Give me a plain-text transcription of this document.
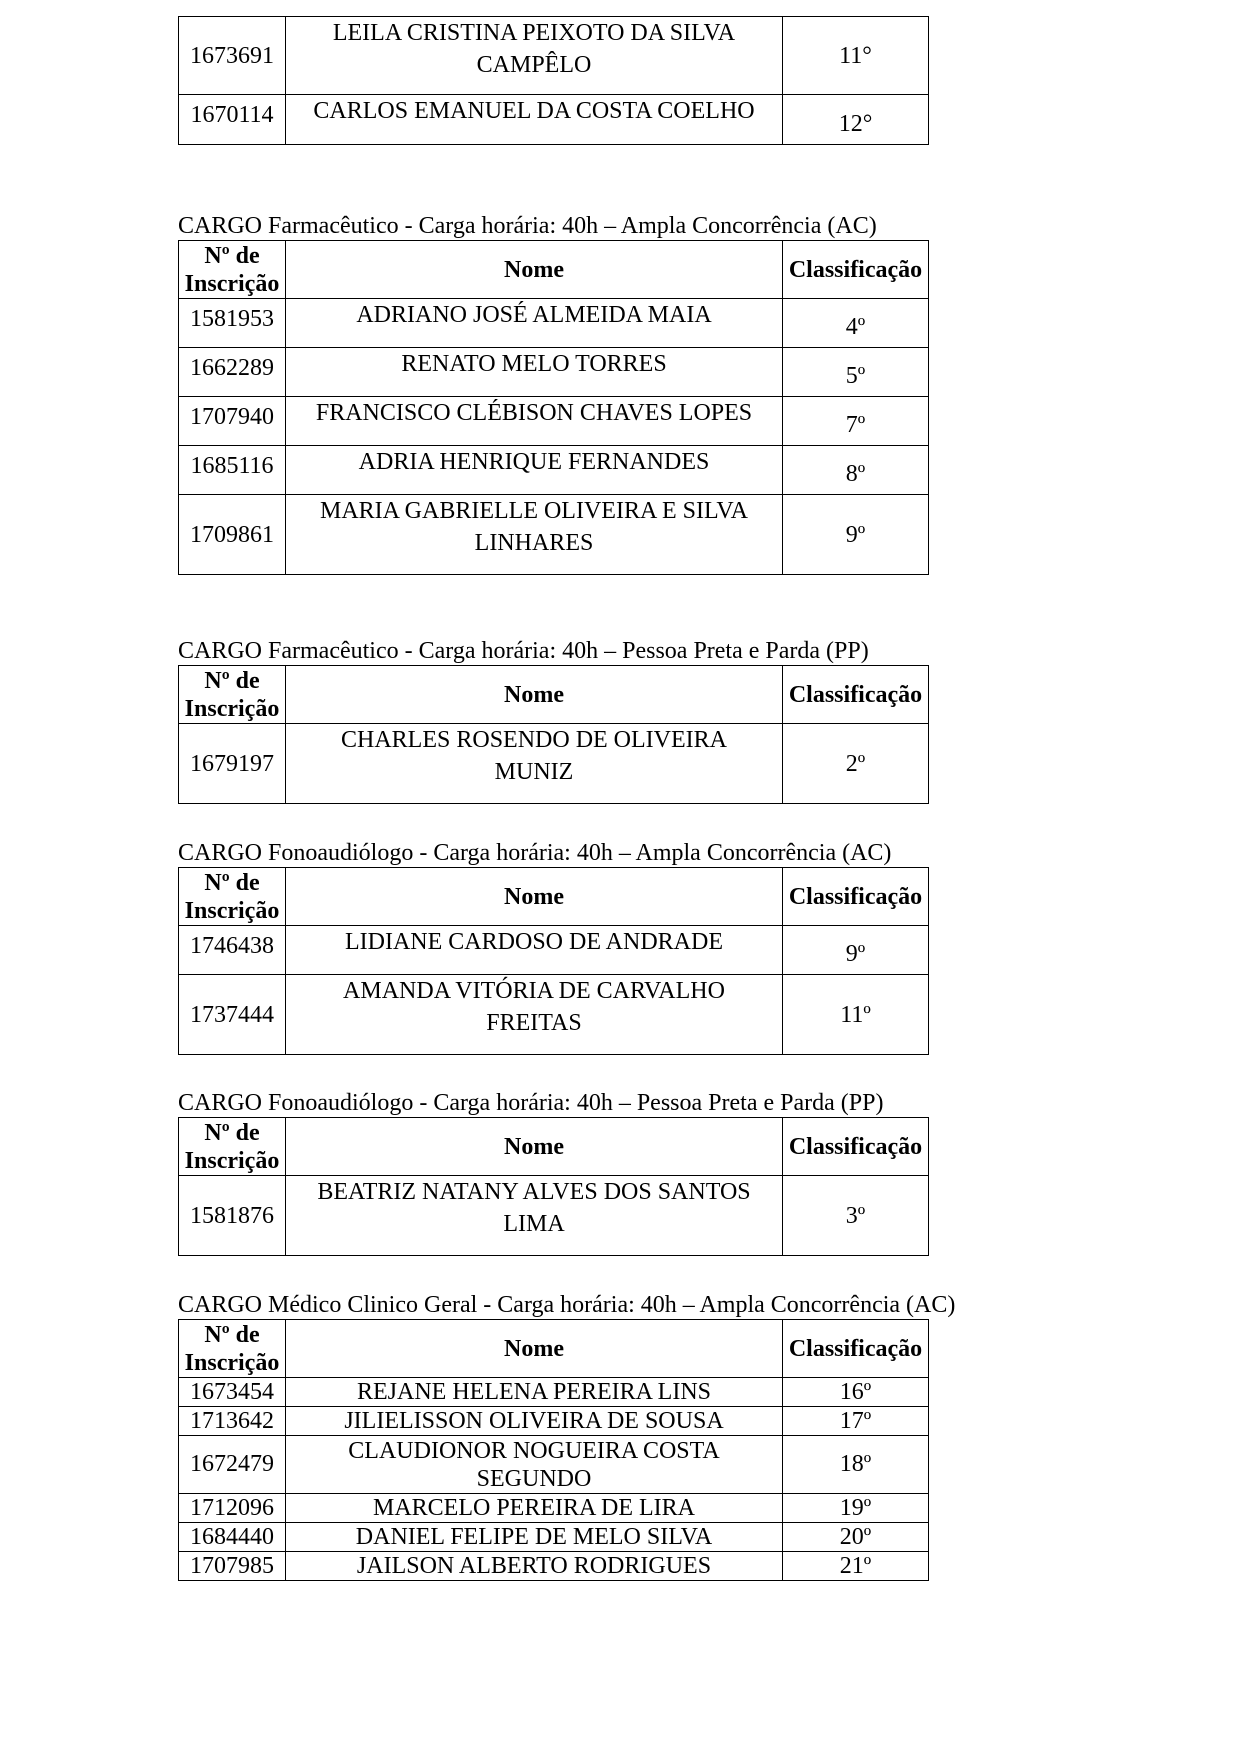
1673691	LEILA CRISTINA PEIXOTO DA SILVA
CAMPÊLO	11°
1670114	CARLOS EMANUEL DA COSTA COELHO	12°
CARGO Farmacêutico - Carga horária: 40h – Ampla Concorrência (AC)
Nº de
Inscrição	Nome	Classificação
1581953	ADRIANO JOSÉ ALMEIDA MAIA	4º
1662289	RENATO MELO TORRES	5º
1707940	FRANCISCO CLÉBISON CHAVES LOPES	7º
1685116	ADRIA HENRIQUE FERNANDES	8º
1709861	MARIA GABRIELLE OLIVEIRA E SILVA
LINHARES	9º
CARGO Farmacêutico - Carga horária: 40h – Pessoa Preta e Parda (PP)
Nº de
Inscrição	Nome	Classificação
1679197	CHARLES ROSENDO DE OLIVEIRA
MUNIZ	2º
CARGO Fonoaudiólogo - Carga horária: 40h – Ampla Concorrência (AC)
Nº de
Inscrição	Nome	Classificação
1746438	LIDIANE CARDOSO DE ANDRADE	9º
1737444	AMANDA VITÓRIA DE CARVALHO
FREITAS	11º
CARGO Fonoaudiólogo - Carga horária: 40h – Pessoa Preta e Parda (PP)
Nº de
Inscrição	Nome	Classificação
1581876	BEATRIZ NATANY ALVES DOS SANTOS
LIMA	3º
CARGO Médico Clinico Geral - Carga horária: 40h – Ampla Concorrência (AC)
Nº de
Inscrição	Nome	Classificação
1673454	REJANE HELENA PEREIRA LINS	16º
1713642	JILIELISSON OLIVEIRA DE SOUSA	17º
1672479	CLAUDIONOR NOGUEIRA COSTA
SEGUNDO	18º
1712096	MARCELO PEREIRA DE LIRA	19º
1684440	DANIEL FELIPE DE MELO SILVA	20º
1707985	JAILSON ALBERTO RODRIGUES	21º
